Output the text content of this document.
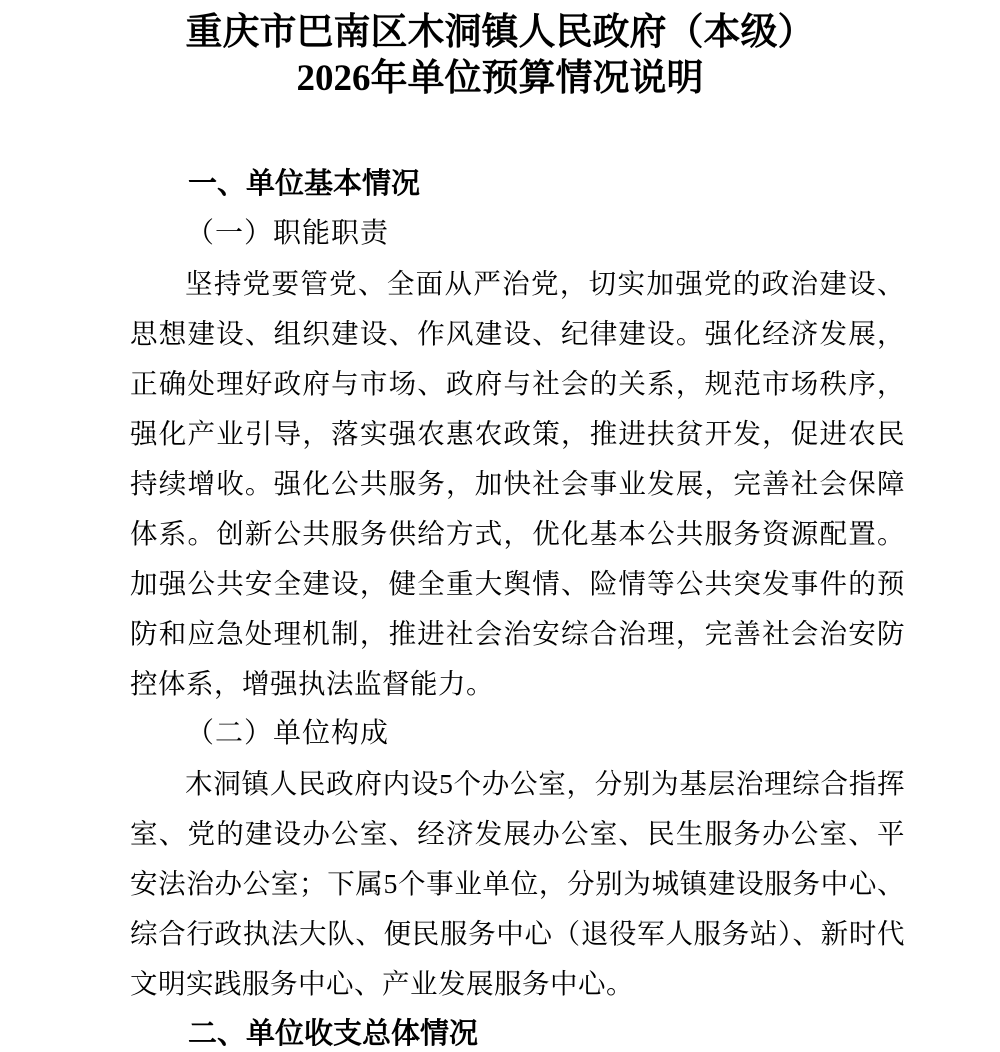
重庆市巴南区木洞镇人民政府（本级）
2026年单位预算情况说明
一、单位基本情况
（一）职能职责

坚持党要管党、全面从严治党，切实加强党的政治建设、思想建设、组织建设、作风建设、纪律建设。强化经济发展，正确处理好政府与市场、政府与社会的关系，规范市场秩序，强化产业引导，落实强农惠农政策，推进扶贫开发，促进农民持续增收。强化公共服务，加快社会事业发展，完善社会保障体系。创新公共服务供给方式，优化基本公共服务资源配置。加强公共安全建设，健全重大舆情、险情等公共突发事件的预防和应急处理机制，推进社会治安综合治理，完善社会治安防控体系，增强执法监督能力。

（二）单位构成

木洞镇人民政府内设5个办公室，分别为基层治理综合指挥室、党的建设办公室、经济发展办公室、民生服务办公室、平安法治办公室；下属5个事业单位，分别为城镇建设服务中心、综合行政执法大队、便民服务中心（退役军人服务站）、新时代文明实践服务中心、产业发展服务中心。

二、单位收支总体情况
